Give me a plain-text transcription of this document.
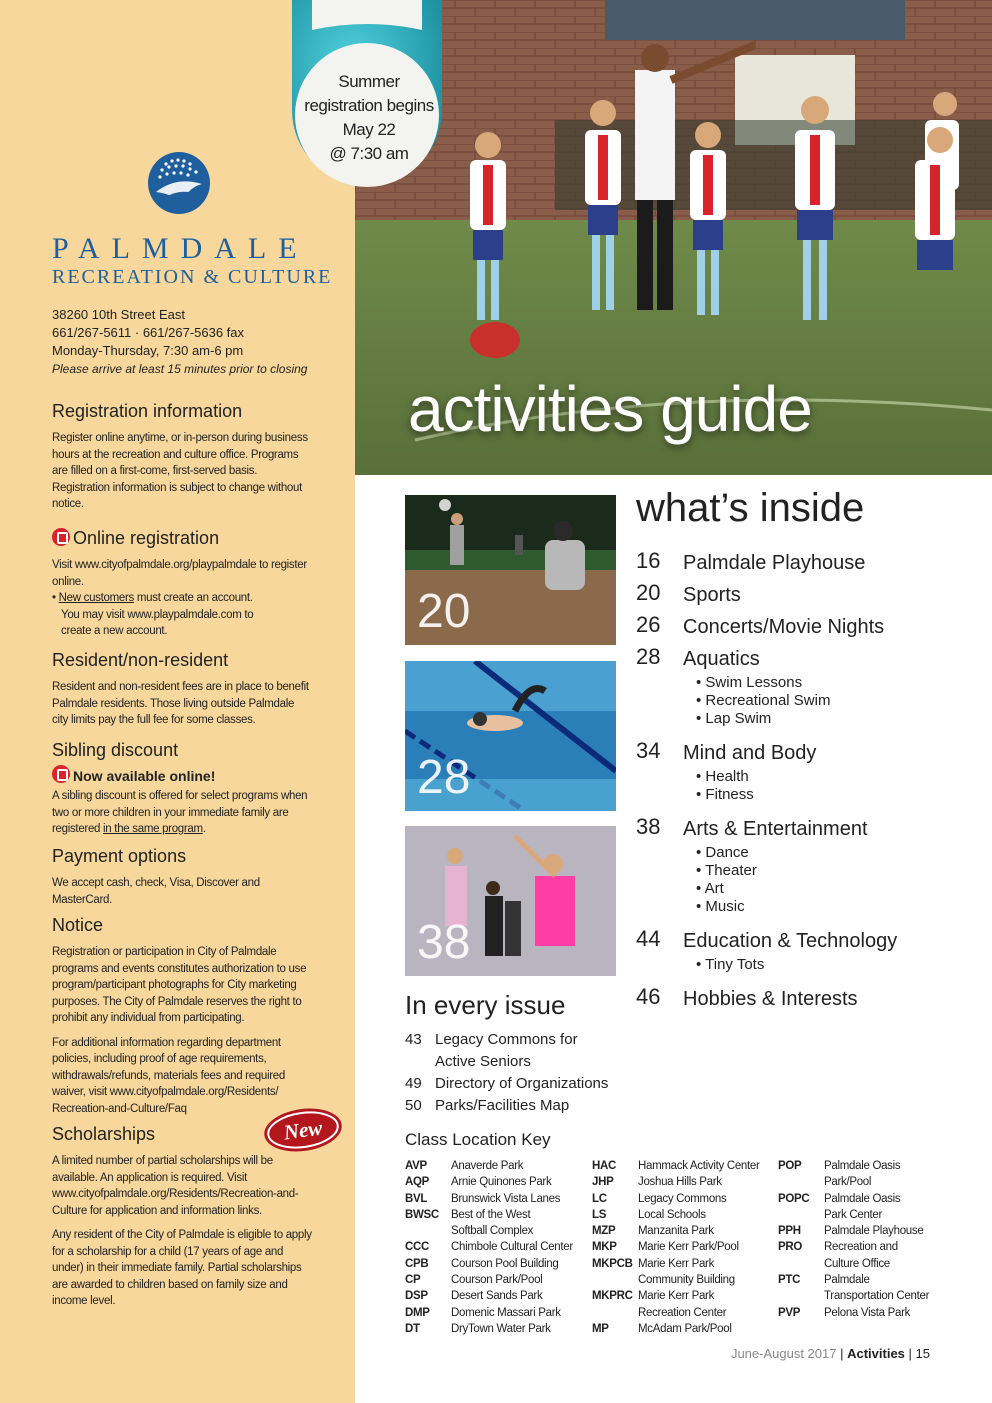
PALMDALE
RECREATION & CULTURE
38260 10th Street East
661/267-5611 · 661/267-5636 fax
Monday-Thursday, 7:30 am-6 pm
Please arrive at least 15 minutes prior to closing
Registration information

Register online anytime, or in-person during business hours at the recreation and culture office. Programs are filled on a first-come, first-served basis. Registration information is subject to change without notice.

Online registration

Visit www.cityofpalmdale.org/playpalmdale to register online.
• New customers must create an account.
You may visit www.playpalmdale.com to
create a new account.

Resident/non-resident

Resident and non-resident fees are in place to benefit Palmdale residents. Those living outside Palmdale city limits pay the full fee for some classes.

Sibling discount
Now available online!

A sibling discount is offered for select programs when two or more children in your immediate family are registered in the same program.

Payment options

We accept cash, check, Visa, Discover and MasterCard.

Notice

Registration or participation in City of Palmdale programs and events constitutes authorization to use program/participant photographs for City marketing purposes. The City of Palmdale reserves the right to prohibit any individual from participating.

For additional information regarding department policies, including proof of age requirements, withdrawals/refunds, materials fees and required waiver, visit www.cityofpalmdale.org/Residents/ Recreation-and-Culture/Faq

Scholarships

A limited number of partial scholarships will be available. An application is required. Visit www.cityofpalmdale.org/Residents/Recreation-and-Culture for application and information links.

Any resident of the City of Palmdale is eligible to apply for a scholarship for a child (17 years of age and under) in their immediate family. Partial scholarships are awarded to children based on family size and income level.

New
Summer
registration begins
May 22
@ 7:30 am
activities guide
20
28
38
what’s inside
16 Palmdale Playhouse
20 Sports
26 Concerts/Movie Nights
28 Aquatics
• Swim Lessons
• Recreational Swim
• Lap Swim
34 Mind and Body
• Health
• Fitness
38 Arts & Entertainment
• Dance
• Theater
• Art
• Music
44 Education & Technology
• Tiny Tots
46 Hobbies & Interests
In every issue
43 Legacy Commons for
Active Seniors
49 Directory of Organizations
50 Parks/Facilities Map
Class Location Key
AVP	Anaverde Park
AQP	Arnie Quinones Park
BVL	Brunswick Vista Lanes
BWSC	Best of the West
Softball Complex
CCC	Chimbole Cultural Center
CPB	Courson Pool Building
CP	Courson Park/Pool
DSP	Desert Sands Park
DMP	Domenic Massari Park
DT	DryTown Water Park
HAC	Hammack Activity Center
JHP	Joshua Hills Park
LC	Legacy Commons
LS	Local Schools
MZP	Manzanita Park
MKP	Marie Kerr Park/Pool
MKPCB Marie Kerr Park
Community Building
MKPRC Marie Kerr Park
Recreation Center
MP	McAdam Park/Pool
POP	Palmdale Oasis
Park/Pool
POPC	Palmdale Oasis
Park Center
PPH	Palmdale Playhouse
PRO	Recreation and
Culture Office
PTC	Palmdale
Transportation Center
PVP	Pelona Vista Park
June-August 2017 | Activities | 15
